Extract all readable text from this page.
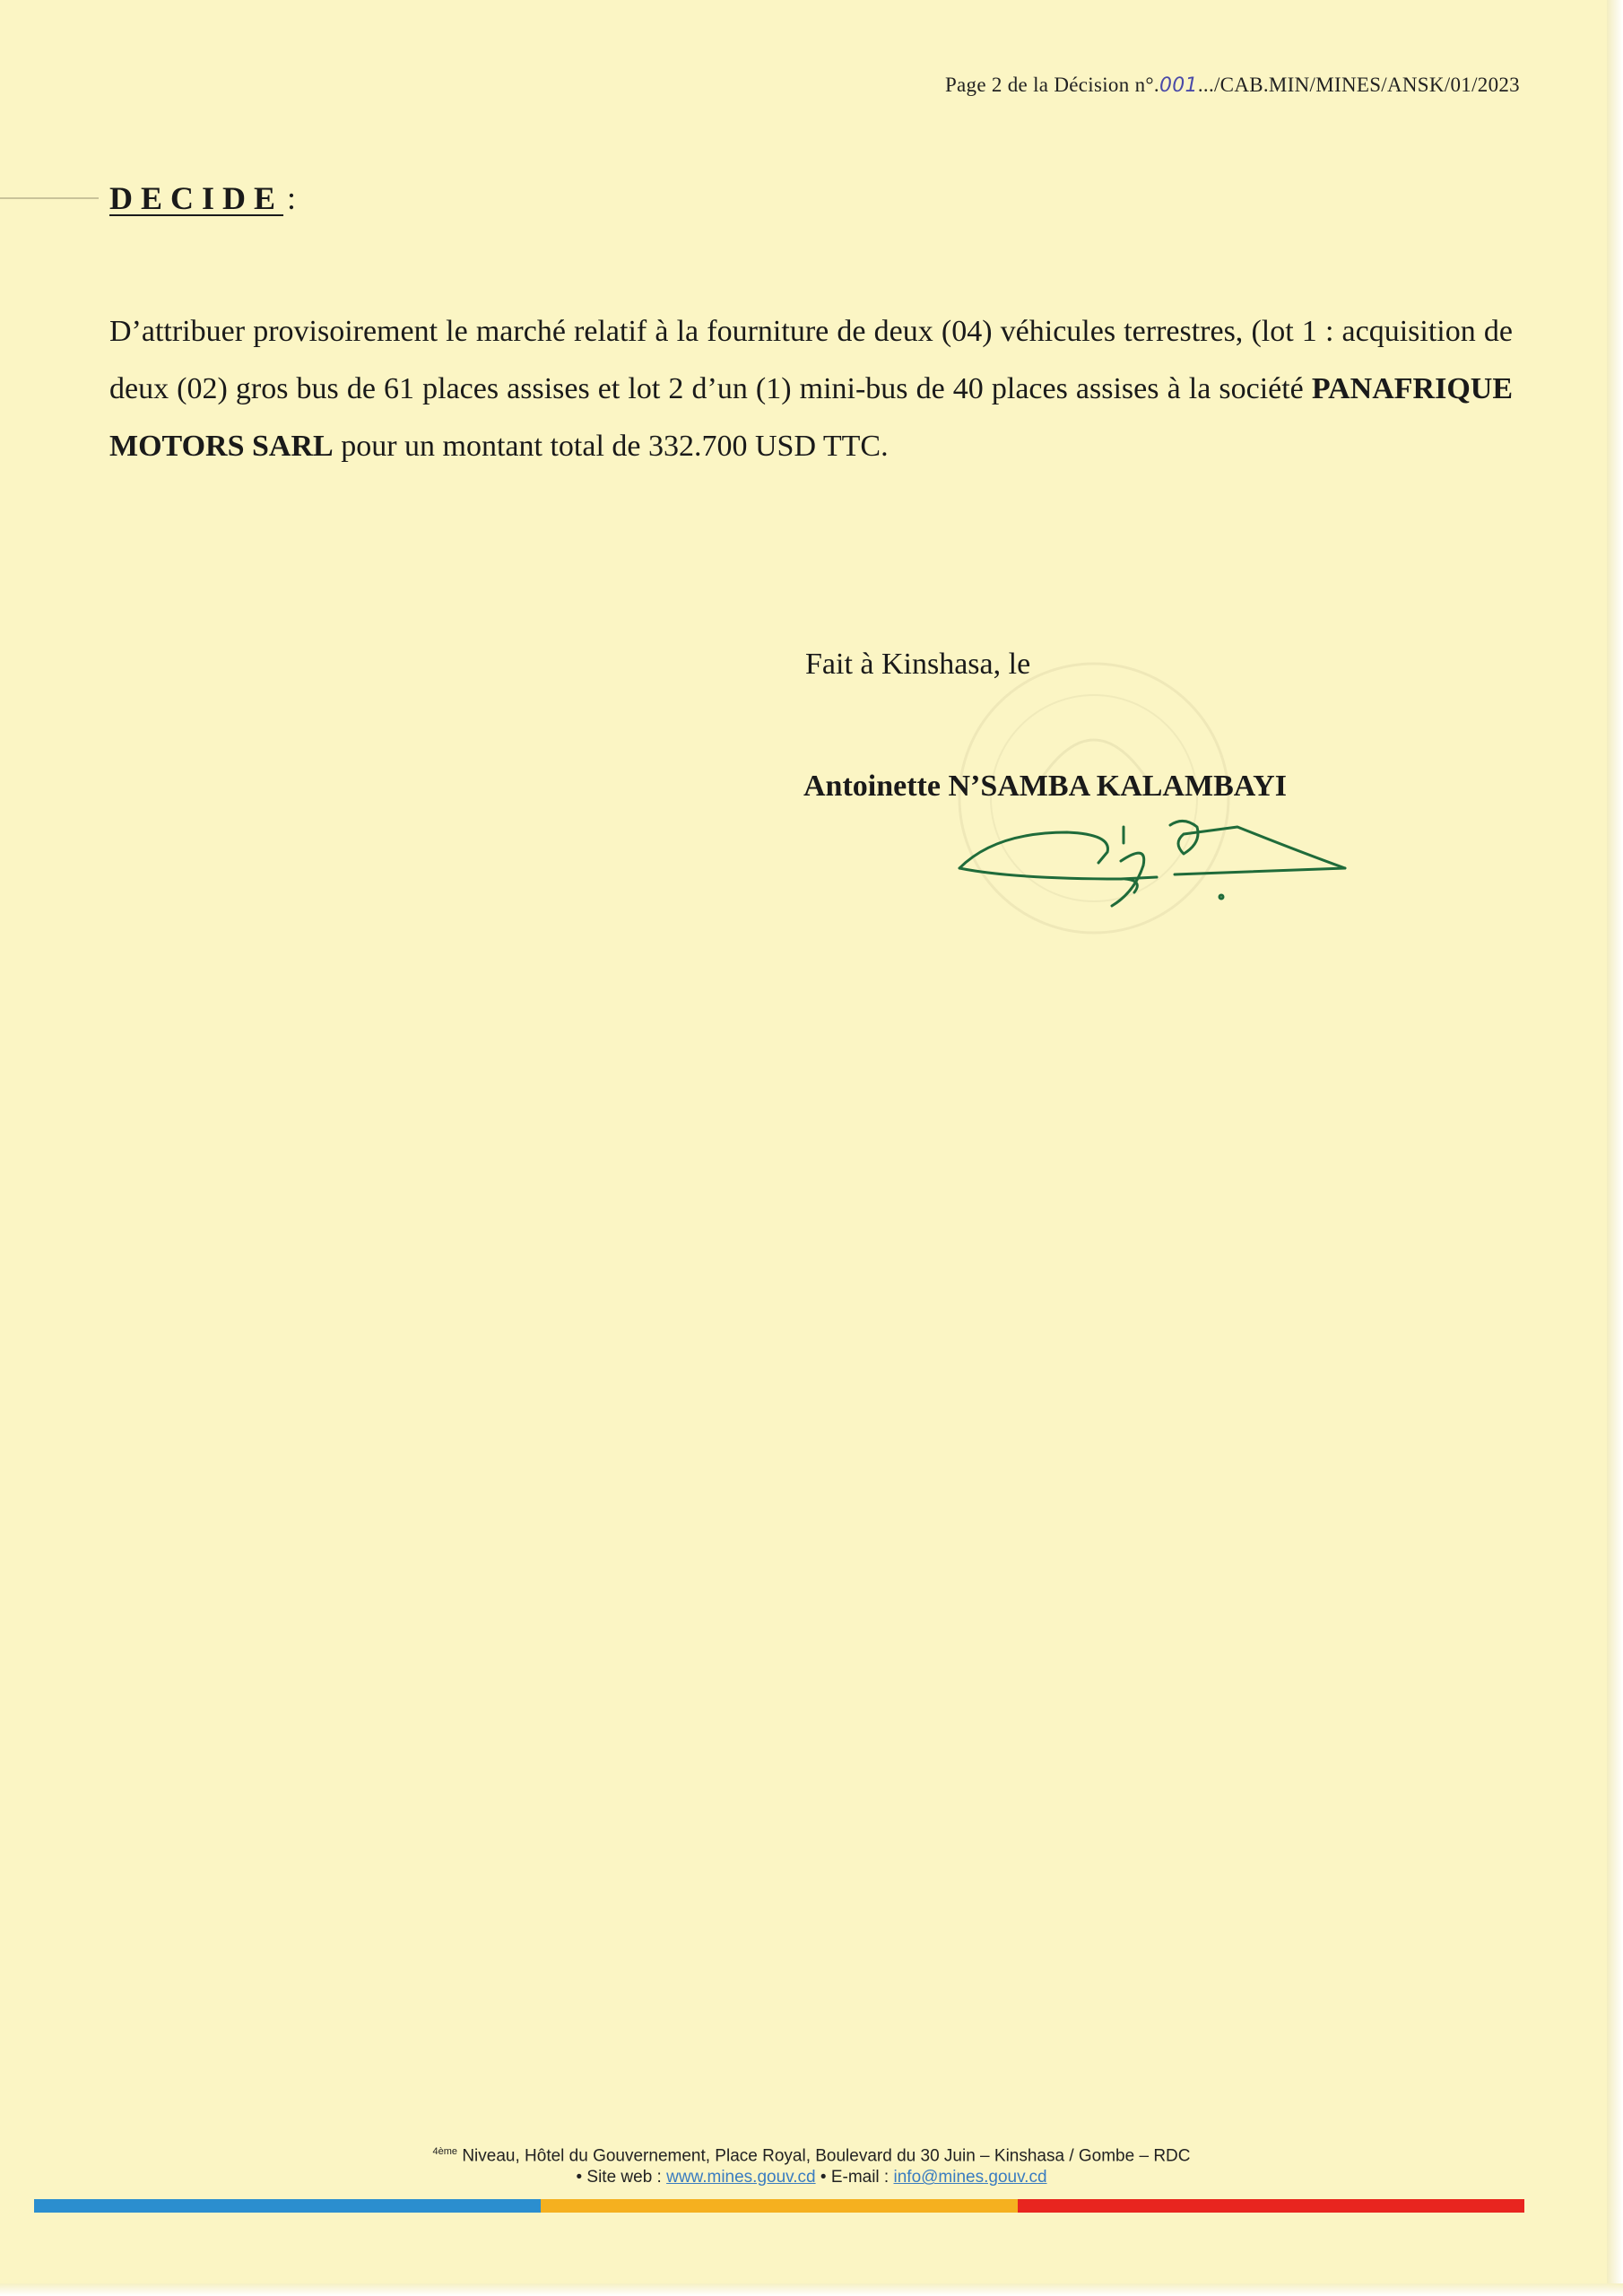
Page 2 de la Décision n°.001.../CAB.MIN/MINES/ANSK/01/2023
DECIDE :
D’attribuer provisoirement le marché relatif à la fourniture de deux (04) véhicules terrestres, (lot 1 : acquisition de deux (02) gros bus de 61 places assises et lot 2 d’un (1) mini-bus de 40 places assises à la société PANAFRIQUE MOTORS SARL pour un montant total de 332.700 USD TTC.
Fait à Kinshasa, le
Antoinette N’SAMBA KALAMBAYI
$^{4ème}$ Niveau, Hôtel du Gouvernement, Place Royal, Boulevard du 30 Juin – Kinshasa / Gombe – RDC
• Site web : www.mines.gouv.cd • E-mail : info@mines.gouv.cd
